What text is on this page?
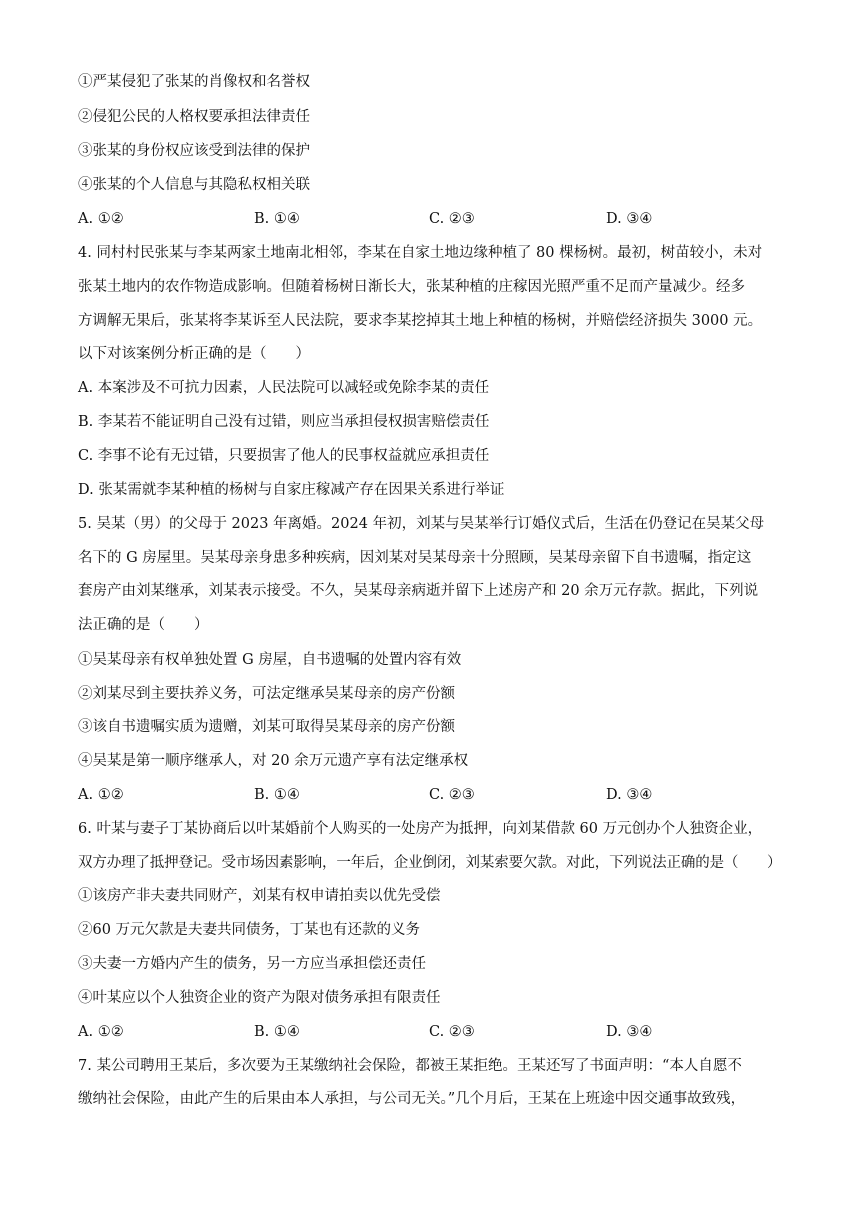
①严某侵犯了张某的肖像权和名誉权
②侵犯公民的人格权要承担法律责任
③张某的身份权应该受到法律的保护
④张某的个人信息与其隐私权相关联
A. ①②	B. ①④	C. ②③	D. ③④
4. 同村村民张某与李某两家土地南北相邻，李某在自家土地边缘种植了 80 棵杨树。最初，树苗较小，未对
张某土地内的农作物造成影响。但随着杨树日渐长大，张某种植的庄稼因光照严重不足而产量减少。经多
方调解无果后，张某将李某诉至人民法院，要求李某挖掉其土地上种植的杨树，并赔偿经济损失 3000 元。
以下对该案例分析正确的是（　　）
A. 本案涉及不可抗力因素，人民法院可以减轻或免除李某的责任
B. 李某若不能证明自己没有过错，则应当承担侵权损害赔偿责任
C. 李事不论有无过错，只要损害了他人的民事权益就应承担责任
D. 张某需就李某种植的杨树与自家庄稼减产存在因果关系进行举证
5. 吴某（男）的父母于 2023 年离婚。2024 年初，刘某与吴某举行订婚仪式后，生活在仍登记在吴某父母
名下的 G 房屋里。吴某母亲身患多种疾病，因刘某对吴某母亲十分照顾，吴某母亲留下自书遗嘱，指定这
套房产由刘某继承，刘某表示接受。不久，吴某母亲病逝并留下上述房产和 20 余万元存款。据此，下列说
法正确的是（　　）
①吴某母亲有权单独处置 G 房屋，自书遗嘱的处置内容有效
②刘某尽到主要扶养义务，可法定继承吴某母亲的房产份额
③该自书遗嘱实质为遗赠，刘某可取得吴某母亲的房产份额
④吴某是第一顺序继承人，对 20 余万元遗产享有法定继承权
A. ①②	B. ①④	C. ②③	D. ③④
6. 叶某与妻子丁某协商后以叶某婚前个人购买的一处房产为抵押，向刘某借款 60 万元创办个人独资企业，
双方办理了抵押登记。受市场因素影响，一年后，企业倒闭，刘某索要欠款。对此，下列说法正确的是（　　）
①该房产非夫妻共同财产，刘某有权申请拍卖以优先受偿
②60 万元欠款是夫妻共同债务，丁某也有还款的义务
③夫妻一方婚内产生的债务，另一方应当承担偿还责任
④叶某应以个人独资企业的资产为限对债务承担有限责任
A. ①②	B. ①④	C. ②③	D. ③④
7. 某公司聘用王某后，多次要为王某缴纳社会保险，都被王某拒绝。王某还写了书面声明：“本人自愿不
缴纳社会保险，由此产生的后果由本人承担，与公司无关。”几个月后，王某在上班途中因交通事故致残，
